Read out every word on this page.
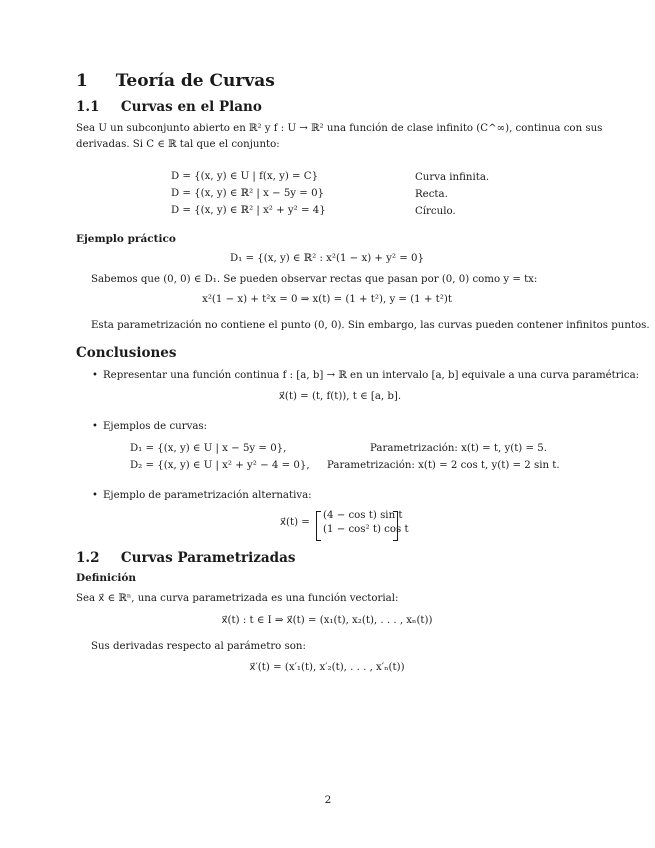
1 Teoría de Curvas
1.1 Curvas en el Plano
Sea U un subconjunto abierto en ℝ² y f : U → ℝ² una función de clase infinito (C^∞), continua con sus
derivadas. Si C ∈ ℝ tal que el conjunto:
D = {(x, y) ∈ U | f(x, y) = C}	Curva infinita.
D = {(x, y) ∈ ℝ² | x − 5y = 0}	Recta.
D = {(x, y) ∈ ℝ² | x² + y² = 4}	Círculo.
Ejemplo práctico
D₁ = {(x, y) ∈ ℝ² : x²(1 − x) + y² = 0}
Sabemos que (0, 0) ∈ D₁. Se pueden observar rectas que pasan por (0, 0) como y = tx:
x²(1 − x) + t²x = 0 ⇒ x(t) = (1 + t²), y = (1 + t²)t
Esta parametrización no contiene el punto (0, 0). Sin embargo, las curvas pueden contener infinitos puntos.
Conclusiones
• Representar una función continua f : [a, b] → ℝ en un intervalo [a, b] equivale a una curva paramétrica:
x⃗(t) = (t, f(t)), t ∈ [a, b].
• Ejemplos de curvas:
D₁ = {(x, y) ∈ U | x − 5y = 0},	Parametrización: x(t) = t, y(t) = 5.
D₂ = {(x, y) ∈ U | x² + y² − 4 = 0}, Parametrización: x(t) = 2 cos t, y(t) = 2 sin t.
• Ejemplo de parametrización alternativa:
x⃗(t) =
(4 − cos t) sin t
(1 − cos² t) cos t
1.2 Curvas Parametrizadas
Definición
Sea x⃗ ∈ ℝⁿ, una curva parametrizada es una función vectorial:
x⃗(t) : t ∈ I ⇒ x⃗(t) = (x₁(t), x₂(t), . . . , xₙ(t))
Sus derivadas respecto al parámetro son:
x⃗′(t) = (x′₁(t), x′₂(t), . . . , x′ₙ(t))
2
